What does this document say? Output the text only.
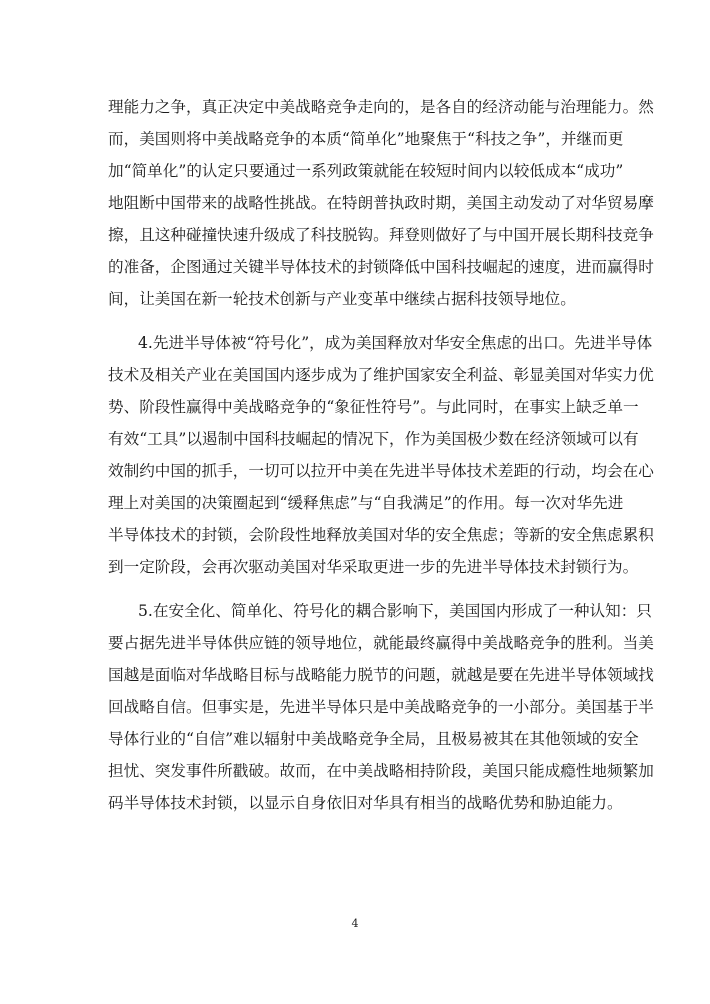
理能力之争，真正决定中美战略竞争走向的，是各自的经济动能与治理能力。然
而，美国则将中美战略竞争的本质“简单化”地聚焦于“科技之争”，并继而更
加“简单化”的认定只要通过一系列政策就能在较短时间内以较低成本“成功”
地阻断中国带来的战略性挑战。在特朗普执政时期，美国主动发动了对华贸易摩
擦，且这种碰撞快速升级成了科技脱钩。拜登则做好了与中国开展长期科技竞争
的准备，企图通过关键半导体技术的封锁降低中国科技崛起的速度，进而赢得时
间，让美国在新一轮技术创新与产业变革中继续占据科技领导地位。
4.先进半导体被“符号化”，成为美国释放对华安全焦虑的出口。先进半导体
技术及相关产业在美国国内逐步成为了维护国家安全利益、彰显美国对华实力优
势、阶段性赢得中美战略竞争的“象征性符号”。与此同时，在事实上缺乏单一
有效“工具”以遏制中国科技崛起的情况下，作为美国极少数在经济领域可以有
效制约中国的抓手，一切可以拉开中美在先进半导体技术差距的行动，均会在心
理上对美国的决策圈起到“缓释焦虑”与“自我满足”的作用。每一次对华先进
半导体技术的封锁，会阶段性地释放美国对华的安全焦虑；等新的安全焦虑累积
到一定阶段，会再次驱动美国对华采取更进一步的先进半导体技术封锁行为。
5.在安全化、简单化、符号化的耦合影响下，美国国内形成了一种认知：只
要占据先进半导体供应链的领导地位，就能最终赢得中美战略竞争的胜利。当美
国越是面临对华战略目标与战略能力脱节的问题，就越是要在先进半导体领域找
回战略自信。但事实是，先进半导体只是中美战略竞争的一小部分。美国基于半
导体行业的“自信”难以辐射中美战略竞争全局，且极易被其在其他领域的安全
担忧、突发事件所戳破。故而，在中美战略相持阶段，美国只能成瘾性地频繁加
码半导体技术封锁，以显示自身依旧对华具有相当的战略优势和胁迫能力。
4
